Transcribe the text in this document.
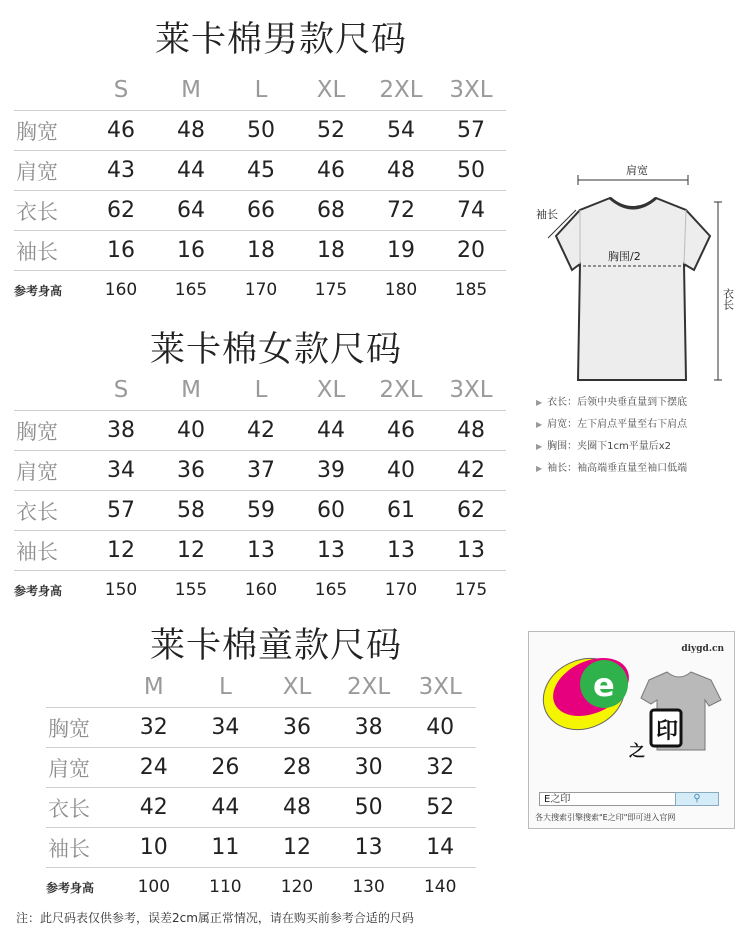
莱卡棉男款尺码
	S	M	L	XL	2XL	3XL
胸宽	46	48	50	52	54	57
肩宽	43	44	45	46	48	50
衣长	62	64	66	68	72	74
袖长	16	16	18	18	19	20
参考身高	160	165	170	175	180	185
莱卡棉女款尺码
	S	M	L	XL	2XL	3XL
胸宽	38	40	42	44	46	48
肩宽	34	36	37	39	40	42
衣长	57	58	59	60	61	62
袖长	12	12	13	13	13	13
参考身高	150	155	160	165	170	175
莱卡棉童款尺码
	M	L	XL	2XL	3XL
胸宽	32	34	36	38	40
肩宽	24	26	28	30	32
衣长	42	44	48	50	52
袖长	10	11	12	13	14
参考身高	100	110	120	130	140
肩宽
袖长
胸围/2
衣长
▶ 衣长：后领中央垂直量到下摆底
▶ 肩宽：左下肩点平量至右下肩点
▶ 胸围：夹圈下1cm平量后x2
▶ 袖长：袖高端垂直量至袖口低端
diygd.cn
e
印
之
E之印	⚲
各大搜索引擎搜索"E之印"即可进入官网
注：此尺码表仅供参考，误差2cm属正常情况，请在购买前参考合适的尺码
